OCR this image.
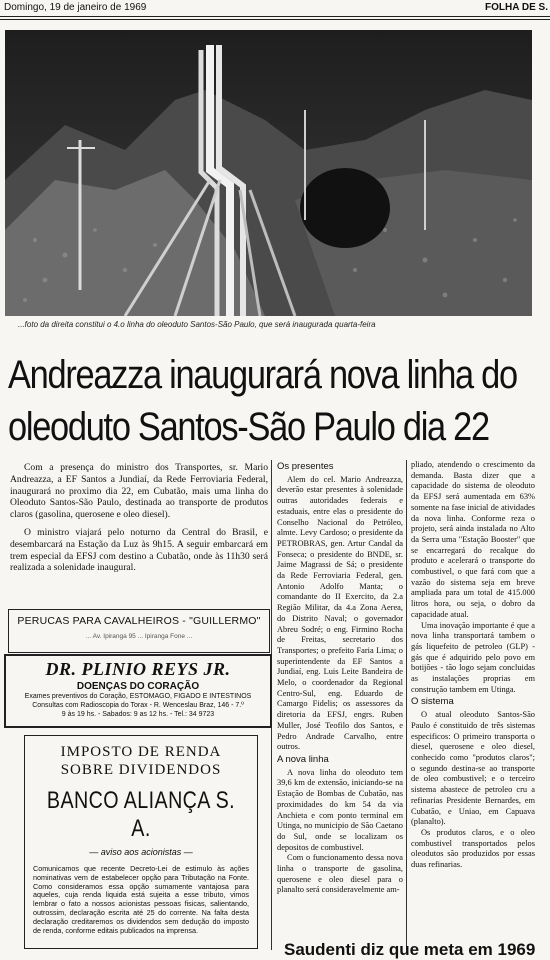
Domingo, 19 de janeiro de 1969	FOLHA DE S.
...foto da direita constitui o 4.o linha do oleoduto Santos-São Paulo, que será inaugurada quarta-feira
Andreazza inaugurará nova linha do
oleoduto Santos-São Paulo dia 22

Com a presença do ministro dos Transportes, sr. Mario Andreazza, a EF Santos a Jundiaí, da Rede Ferroviaria Federal, inaugurará no proximo dia 22, em Cubatão, mais uma linha do Oleoduto Santos-São Paulo, destinada ao transporte de produtos claros (gasolina, querosene e oleo diesel).

O ministro viajará pelo noturno da Central do Brasil, e desembarcará na Estação da Luz às 9h15. A seguir embarcará em trem especial da EFSJ com destino a Cubatão, onde às 11h30 será realizada a solenidade inaugural.

PERUCAS PARA CAVALHEIROS - "GUILLERMO"
... Av. Ipiranga 95 ... Ipiranga Fone ...
DR. PLINIO REYS JR.
DOENÇAS DO CORAÇÃO
Exames preventivos do Coração, ESTOMAGO, FIGADO E INTESTINOS
Consultas com Radioscopia do Torax - R. Wenceslau Braz, 146 - 7.º
9 às 19 hs. - Sabados: 9 as 12 hs. - Tel.: 34 9723
IMPOSTO DE RENDA
SOBRE DIVIDENDOS
BANCO ALIANÇA S. A.
— aviso aos acionistas —
Comunicamos que recente Decreto-Lei de estimulo às ações nominativas vem de estabelecer opção para Tributação na Fonte. Como consideramos essa opção sumamente vantajosa para aqueles, cuja renda liquida está sujeita a esse tributo, vimos lembrar o fato a nossos acionistas pessoas fisicas, salientando, outrossim, declaração escrita até 25 do corrente. Na falta desta declaração creditaremos os dividendos sem dedução do imposto de renda, conforme editais publicados na imprensa.
Os presentes

Alem do cel. Mario Andreazza, deverão estar presentes à solenidade outras autoridades federais e estaduais, entre elas o presidente do Conselho Nacional do Petróleo, almte. Levy Cardoso; o presidente da PETROBRAS, gen. Artur Candal da Fonseca; o presidente do BNDE, sr. Jaime Magrassi de Sá; o presidente da Rede Ferroviaria Federal, gen. Antonio Adolfo Manta; o comandante do II Exercito, da 2.a Região Militar, da 4.a Zona Aerea, do Distrito Naval; o governador Abreu Sodré; o eng. Firmino Rocha de Freitas, secretario dos Transportes; o prefeito Faria Lima; o superintendente da EF Santos a Jundiaí, eng. Luis Leite Bandeira de Melo, o coordenador da Regional Centro-Sul, eng. Eduardo de Camargo Fidelis; os assessores da diretoria da EFSJ, engrs. Ruben Muller, José Teofilo dos Santos, e Pedro Andrade Carvalho, entre outros.

A nova linha

A nova linha do oleoduto tem 39,6 km de extensão, iniciando-se na Estação de Bombas de Cubatão, nas proximidades do km 54 da via Anchieta e com ponto terminal em Utinga, no municipio de São Caetano do Sul, onde se localizam os depositos de combustivel.

Com o funcionamento dessa nova linha o transporte de gasolina, querosene e oleo diesel para o planalto será consideravelmente am-

pliado, atendendo o crescimento da demanda. Basta dizer que a capacidade do sistema de oleoduto da EFSJ será aumentada em 63% somente na fase inicial de atividades da nova linha. Conforme reza o projeto, será ainda instalada no Alto da Serra uma "Estação Booster" que se encarregará do recalque do produto e acelerará o transporte do combustivel, o que fará com que a vazão do sistema seja em breve ampliada para um total de 415.000 litros hora, ou seja, o dobro da capacidade atual.

Uma inovação importante é que a nova linha transportará tambem o gás liquefeito de petroleo (GLP) - gás que é adquirido pelo povo em botijões - tão logo sejam concluidas as instalações proprias em construção tambem em Utinga.

O sistema

O atual oleoduto Santos-São Paulo é constituido de três sistemas especificos: O primeiro transporta o diesel, querosene e oleo diesel, conhecido como "produtos claros"; o segundo destina-se ao transporte de oleo combustivel; e o terceiro sistema abastece de petroleo cru a refinarias Presidente Bernardes, em Cubatão, e Uniao, em Capuava (planalto).

Os produtos claros, e o oleo combustivel transportados pelos oleodutos são produzidos por essas duas refinarias.

Saudenti diz que meta em 1969
